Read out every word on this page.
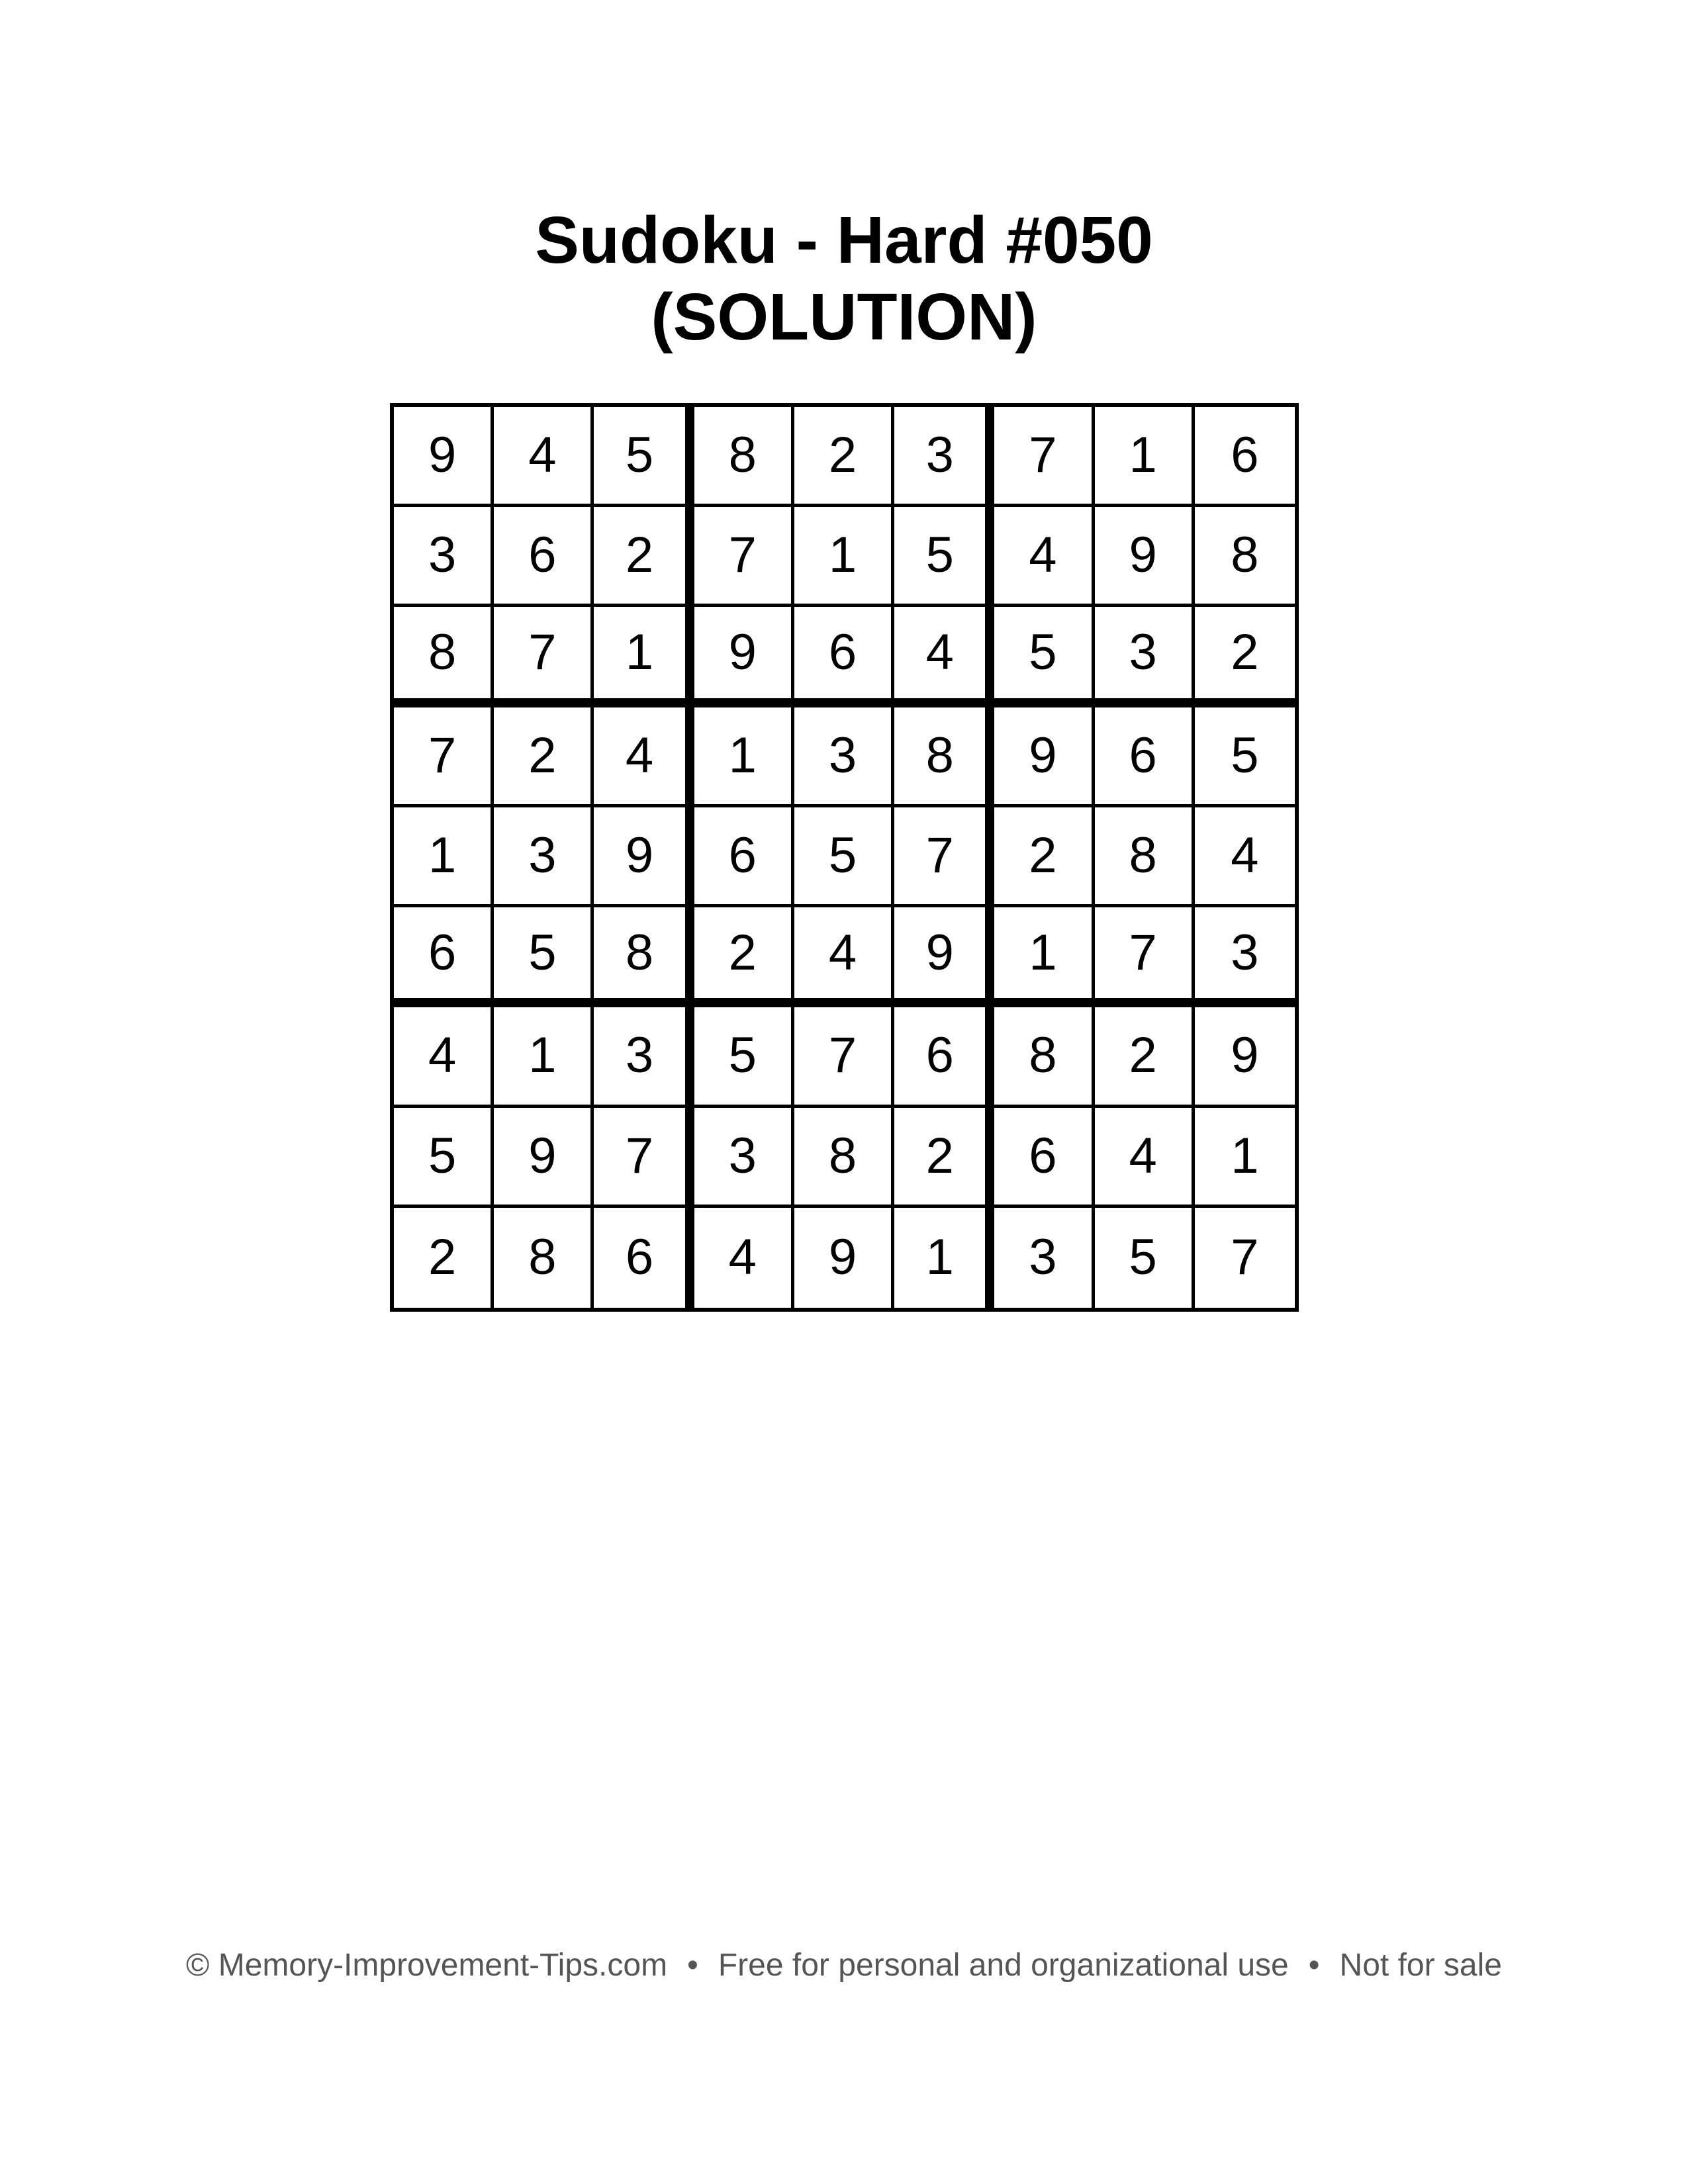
Sudoku - Hard #050
(SOLUTION)
9	4	5	8	2	3	7	1	6
3	6	2	7	1	5	4	9	8
8	7	1	9	6	4	5	3	2
7	2	4	1	3	8	9	6	5
1	3	9	6	5	7	2	8	4
6	5	8	2	4	9	1	7	3
4	1	3	5	7	6	8	2	9
5	9	7	3	8	2	6	4	1
2	8	6	4	9	1	3	5	7
© Memory-Improvement-Tips.com • Free for personal and organizational use • Not for sale
